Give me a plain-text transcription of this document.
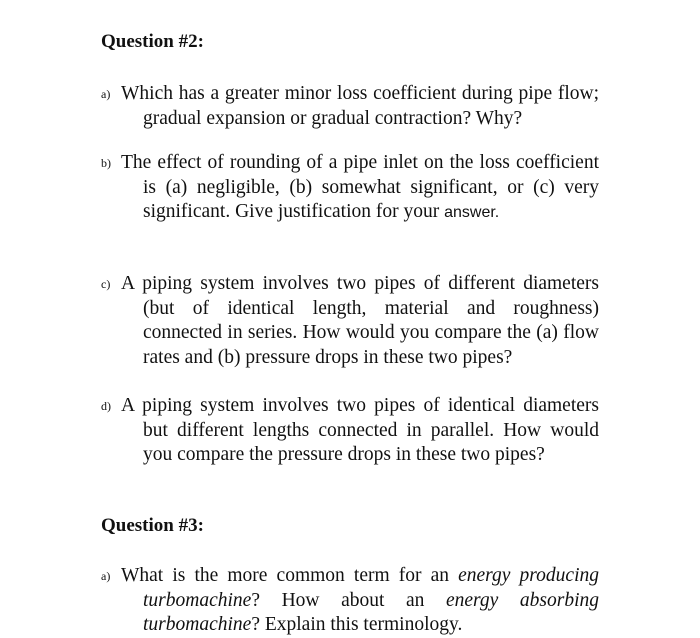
Question #2:
a) Which has a greater minor loss coefficient during pipe flow; gradual expansion or gradual contraction? Why?
b) The effect of rounding of a pipe inlet on the loss coefficient is (a) negligible, (b) somewhat significant, or (c) very significant. Give justification for your answer.
c) A piping system involves two pipes of different diameters (but of identical length, material and roughness) connected in series. How would you compare the (a) flow rates and (b) pressure drops in these two pipes?
d) A piping system involves two pipes of identical diameters but different lengths connected in parallel. How would you compare the pressure drops in these two pipes?
Question #3:
a) What is the more common term for an energy producing turbomachine? How about an energy absorbing turbomachine? Explain this terminology.
